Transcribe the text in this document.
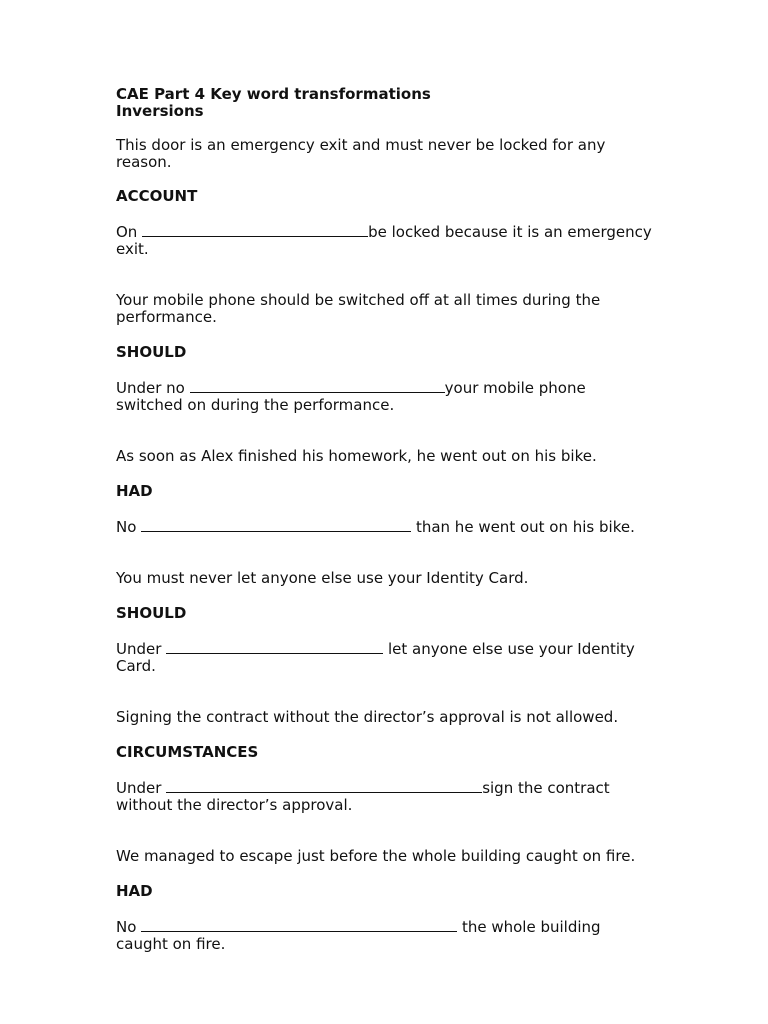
CAE Part 4 Key word transformations
Inversions
This door is an emergency exit and must never be locked for any reason.
ACCOUNT
On	be locked because it is an emergency exit.
Your mobile phone should be switched off at all times during the performance.
SHOULD
Under no	your mobile phone switched on during the performance.
As soon as Alex finished his homework, he went out on his bike.
HAD
No	than he went out on his bike.
You must never let anyone else use your Identity Card.
SHOULD
Under	let anyone else use your Identity Card.
Signing the contract without the director’s approval is not allowed.
CIRCUMSTANCES
Under	sign the contract without the director’s approval.
We managed to escape just before the whole building caught on fire.
HAD
No	the whole building caught on fire.
